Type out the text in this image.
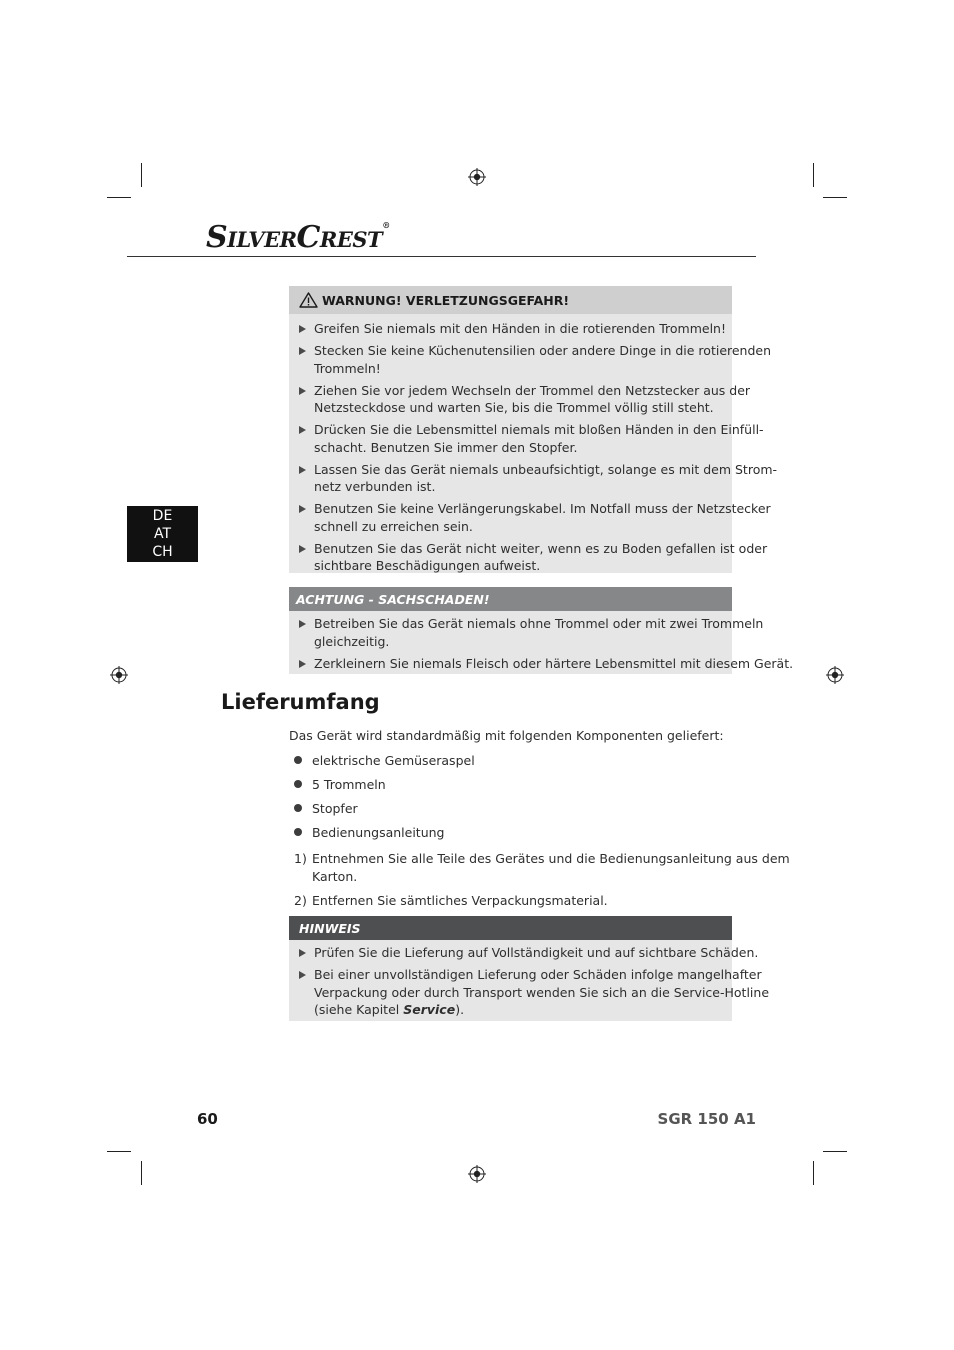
SILVERCREST®
DE
AT
CH
WARNUNG! VERLETZUNGSGEFAHR!
Greifen Sie niemals mit den Händen in die rotierenden Trommeln!
Stecken Sie keine Küchenutensilien oder andere Dinge in die rotierenden
Trommeln!
Ziehen Sie vor jedem Wechseln der Trommel den Netzstecker aus der
Netzsteckdose und warten Sie, bis die Trommel völlig still steht.
Drücken Sie die Lebensmittel niemals mit bloßen Händen in den Einfüll-
schacht. Benutzen Sie immer den Stopfer.
Lassen Sie das Gerät niemals unbeaufsichtigt, solange es mit dem Strom-
netz verbunden ist.
Benutzen Sie keine Verlängerungskabel. Im Notfall muss der Netzstecker
schnell zu erreichen sein.
Benutzen Sie das Gerät nicht weiter, wenn es zu Boden gefallen ist oder
sichtbare Beschädigungen aufweist.
ACHTUNG - SACHSCHADEN!
Betreiben Sie das Gerät niemals ohne Trommel oder mit zwei Trommeln
gleichzeitig.
Zerkleinern Sie niemals Fleisch oder härtere Lebensmittel mit diesem Gerät.
Lieferumfang
Das Gerät wird standardmäßig mit folgenden Komponenten geliefert:
elektrische Gemüseraspel
5 Trommeln
Stopfer
Bedienungsanleitung
1) Entnehmen Sie alle Teile des Gerätes und die Bedienungsanleitung aus dem
Karton.
2) Entfernen Sie sämtliches Verpackungsmaterial.
HINWEIS
Prüfen Sie die Lieferung auf Vollständigkeit und auf sichtbare Schäden.
Bei einer unvollständigen Lieferung oder Schäden infolge mangelhafter
Verpackung oder durch Transport wenden Sie sich an die Service-Hotline
(siehe Kapitel Service).
60	SGR 150 A1
